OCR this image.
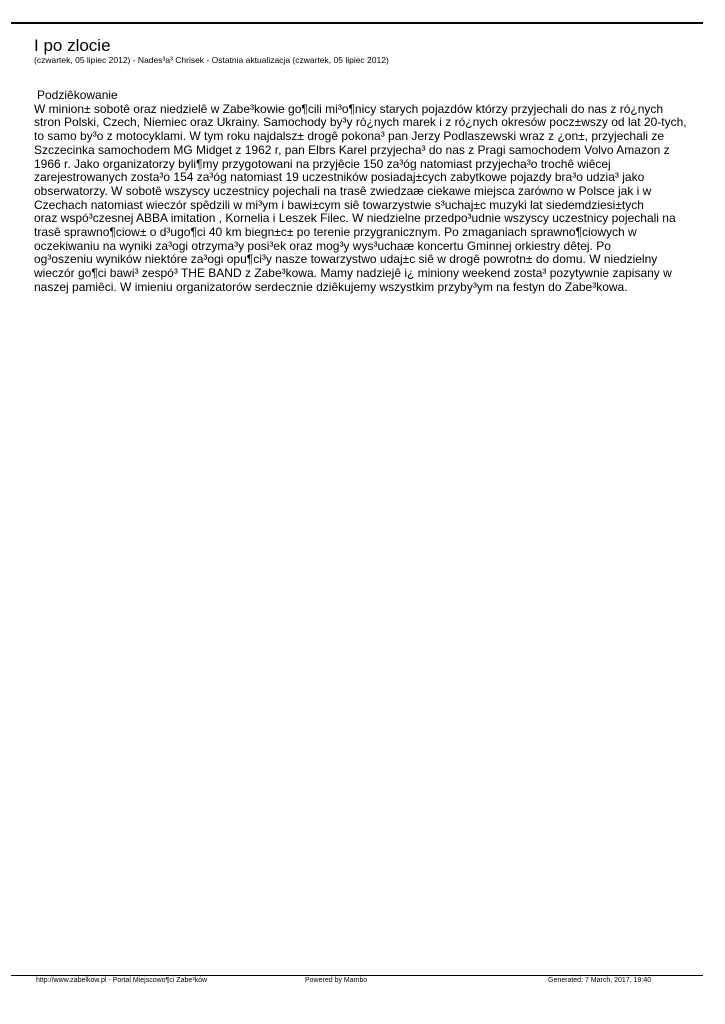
I po zlocie
(czwartek, 05 lipiec 2012) - Nades³a³ Chrisek - Ostatnia aktualizacja (czwartek, 05 lipiec 2012)

Podziêkowanie

W minion± sobotê oraz niedzielê w Zabe³kowie go¶cili mi³o¶nicy starych pojazdów którzy przyjechali do nas z ró¿nych
stron Polski, Czech, Niemiec oraz Ukrainy. Samochody by³y ró¿nych marek i z ró¿nych okresów pocz±wszy od lat 20-tych,
to samo by³o z motocyklami. W tym roku najdalsz± drogê pokona³ pan Jerzy Podlaszewski wraz z ¿on±, przyjechali ze
Szczecinka samochodem MG Midget z 1962 r, pan Elbrs Karel przyjecha³ do nas z Pragi samochodem Volvo Amazon z
1966 r. Jako organizatorzy byli¶my przygotowani na przyjêcie 150 za³óg natomiast przyjecha³o trochê wiêcej
zarejestrowanych zosta³o 154 za³óg natomiast 19 uczestników posiadaj±cych zabytkowe pojazdy bra³o udzia³ jako
obserwatorzy. W sobotê wszyscy uczestnicy pojechali na trasê zwiedzaæ ciekawe miejsca zarówno w Polsce jak i w
Czechach natomiast wieczór spêdzili w mi³ym i bawi±cym siê towarzystwie s³uchaj±c muzyki lat siedemdziesi±tych
oraz wspó³czesnej ABBA imitation , Kornelia i Leszek Filec. W niedzielne przedpo³udnie wszyscy uczestnicy pojechali na
trasê sprawno¶ciow± o d³ugo¶ci 40 km biegn±c± po terenie przygranicznym. Po zmaganiach sprawno¶ciowych w
oczekiwaniu na wyniki za³ogi otrzyma³y posi³ek oraz mog³y wys³uchaæ koncertu Gminnej orkiestry dêtej. Po
og³oszeniu wyników niektóre za³ogi opu¶ci³y nasze towarzystwo udaj±c siê w drogê powrotn± do domu. W niedzielny
wieczór go¶ci bawi³ zespó³ THE BAND z Zabe³kowa. Mamy nadziejê i¿ miniony weekend zosta³ pozytywnie zapisany w
naszej pamiêci. W imieniu organizatorów serdecznie dziêkujemy wszystkim przyby³ym na festyn do Zabe³kowa.

http://www.zabelkow.pl - Portal Miejscowo¶ci Zabe³ków	Powered by Mambo	Generated: 7 March, 2017, 19:40
